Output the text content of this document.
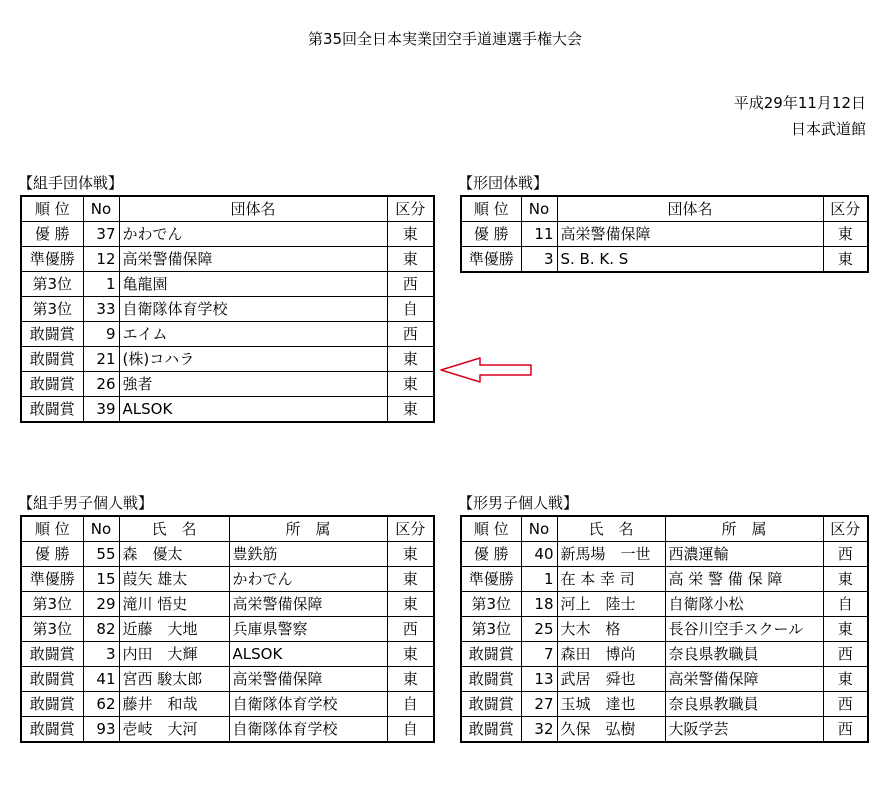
第35回全日本実業団空手道連選手権大会
平成29年11月12日
日本武道館
【組手団体戦】
順 位	No	団体名	区分
優 勝	37	かわでん	東
準優勝	12	高栄警備保障	東
第3位	1	亀龍園	西
第3位	33	自衛隊体育学校	自
敢闘賞	9	エイム	西
敢闘賞	21	(株)コハラ	東
敢闘賞	26	強者	東
敢闘賞	39	ALSOK	東
【形団体戦】
順 位	No	団体名	区分
優 勝	11	高栄警備保障	東
準優勝	3	S. B. K. S	東
【組手男子個人戦】
順 位	No	氏　名	所　属	区分
優 勝	55	森　優太	豊鉄筋	東
準優勝	15	葭矢 雄太	かわでん	東
第3位	29	滝川 悟史	高栄警備保障	東
第3位	82	近藤　大地	兵庫県警察	西
敢闘賞	3	内田　大輝	ALSOK	東
敢闘賞	41	宮西 駿太郎	高栄警備保障	東
敢闘賞	62	藤井　和哉	自衛隊体育学校	自
敢闘賞	93	壱岐　大河	自衛隊体育学校	自
【形男子個人戦】
順 位	No	氏　名	所　属	区分
優 勝	40	新馬場　一世	西濃運輸	西
準優勝	1	在 本 幸 司	高 栄 警 備 保 障	東
第3位	18	河上　陸士	自衛隊小松	自
第3位	25	大木　格	長谷川空手スクール	東
敢闘賞	7	森田　博尚	奈良県教職員	西
敢闘賞	13	武居　舜也	高栄警備保障	東
敢闘賞	27	玉城　達也	奈良県教職員	西
敢闘賞	32	久保　弘樹	大阪学芸	西
